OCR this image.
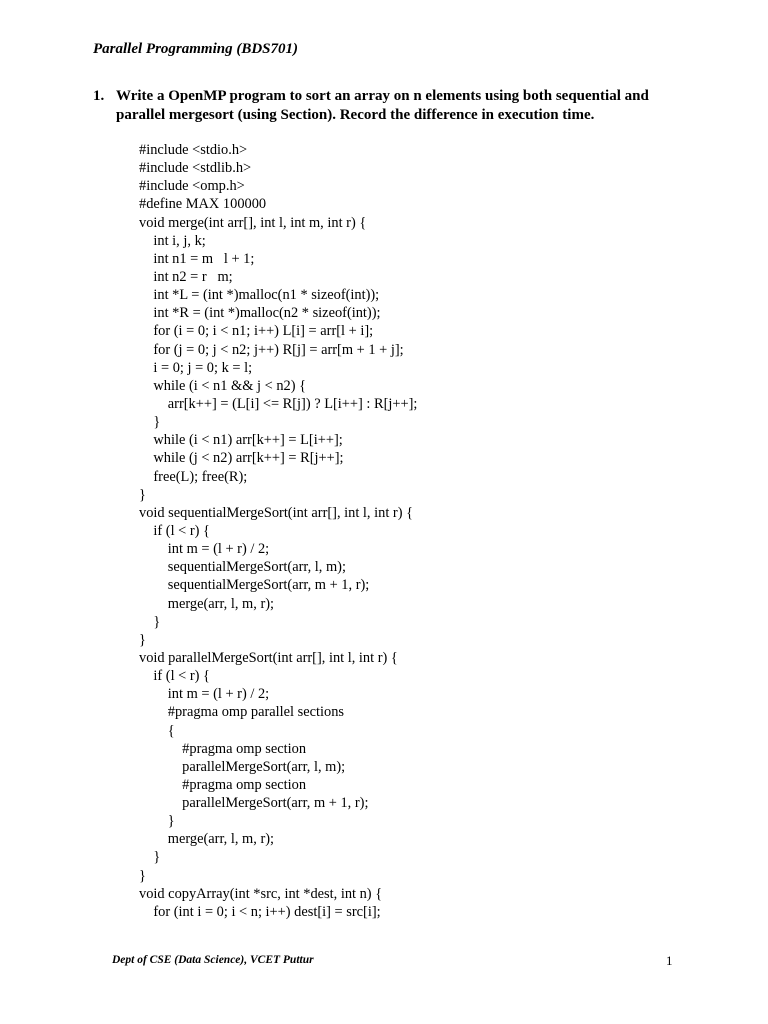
Parallel Programming (BDS701)
1. Write a OpenMP program to sort an array on n elements using both sequential and parallel mergesort (using Section). Record the difference in execution time.
#include <stdio.h>
#include <stdlib.h>
#include <omp.h>
#define MAX 100000
void merge(int arr[], int l, int m, int r) {
int i, j, k;
int n1 = m   l + 1;
int n2 = r   m;
int *L = (int *)malloc(n1 * sizeof(int));
int *R = (int *)malloc(n2 * sizeof(int));
for (i = 0; i < n1; i++) L[i] = arr[l + i];
for (j = 0; j < n2; j++) R[j] = arr[m + 1 + j];
i = 0; j = 0; k = l;
while (i < n1 && j < n2) {
arr[k++] = (L[i] <= R[j]) ? L[i++] : R[j++];
}
while (i < n1) arr[k++] = L[i++];
while (j < n2) arr[k++] = R[j++];
free(L); free(R);
}
void sequentialMergeSort(int arr[], int l, int r) {
if (l < r) {
int m = (l + r) / 2;
sequentialMergeSort(arr, l, m);
sequentialMergeSort(arr, m + 1, r);
merge(arr, l, m, r);
}
}
void parallelMergeSort(int arr[], int l, int r) {
if (l < r) {
int m = (l + r) / 2;
#pragma omp parallel sections
{
#pragma omp section
parallelMergeSort(arr, l, m);
#pragma omp section
parallelMergeSort(arr, m + 1, r);
}
merge(arr, l, m, r);
}
}
void copyArray(int *src, int *dest, int n) {
for (int i = 0; i < n; i++) dest[i] = src[i];
Dept of CSE (Data Science), VCET Puttur	1
